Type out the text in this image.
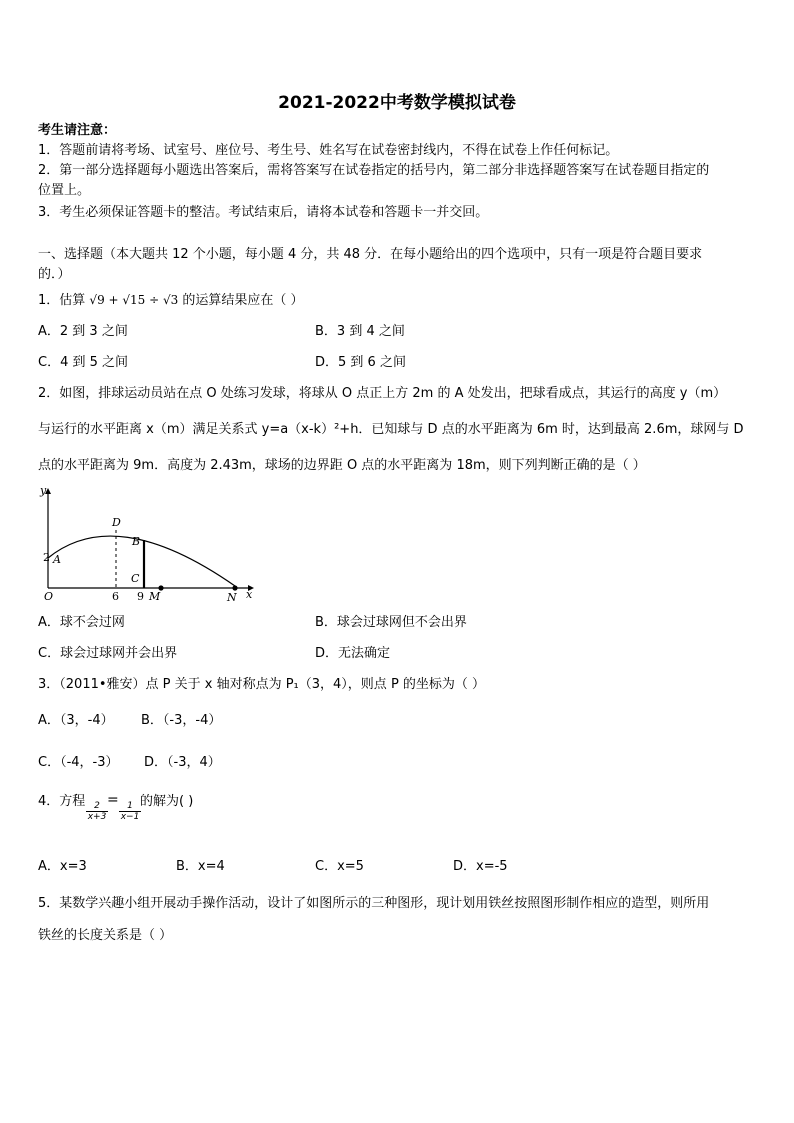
2021-2022中考数学模拟试卷
考生请注意：
1．答题前请将考场、试室号、座位号、考生号、姓名写在试卷密封线内，不得在试卷上作任何标记。
2．第一部分选择题每小题选出答案后，需将答案写在试卷指定的括号内，第二部分非选择题答案写在试卷题目指定的
位置上。
3．考生必须保证答题卡的整洁。考试结束后，请将本试卷和答题卡一并交回。
一、选择题（本大题共 12 个小题，每小题 4 分，共 48 分．在每小题给出的四个选项中，只有一项是符合题目要求
的．）
1．估算 √9 + √15 ÷ √3 的运算结果应在（ ）
A．2 到 3 之间	B．3 到 4 之间
C．4 到 5 之间	D．5 到 6 之间
2．如图，排球运动员站在点 O 处练习发球，将球从 O 点正上方 2m 的 A 处发出，把球看成点，其运行的高度 y（m）
与运行的水平距离 x（m）满足关系式 y=a（x-k）²+h．已知球与 D 点的水平距离为 6m 时，达到最高 2.6m，球网与 D
点的水平距离为 9m．高度为 2.43m，球场的边界距 O 点的水平距离为 18m，则下列判断正确的是（ ）
y
x
O
2 A
D
B
C
6 9 M	N
A．球不会过网	B．球会过球网但不会出界
C．球会过球网并会出界	D．无法确定
3．（2011•雅安）点 P 关于 x 轴对称点为 P₁（3，4），则点 P 的坐标为（ ）
A．（3，-4） B．（-3，-4）
C．（-4，-3） D．（-3，4）
4．方程 $\frac{2}{x+3}$
=
$\frac{1}{x-1}$ 的解为( )
A．x=3	B．x=4	C．x=5	D．x=-5
5．某数学兴趣小组开展动手操作活动，设计了如图所示的三种图形，现计划用铁丝按照图形制作相应的造型，则所用
铁丝的长度关系是（ ）
